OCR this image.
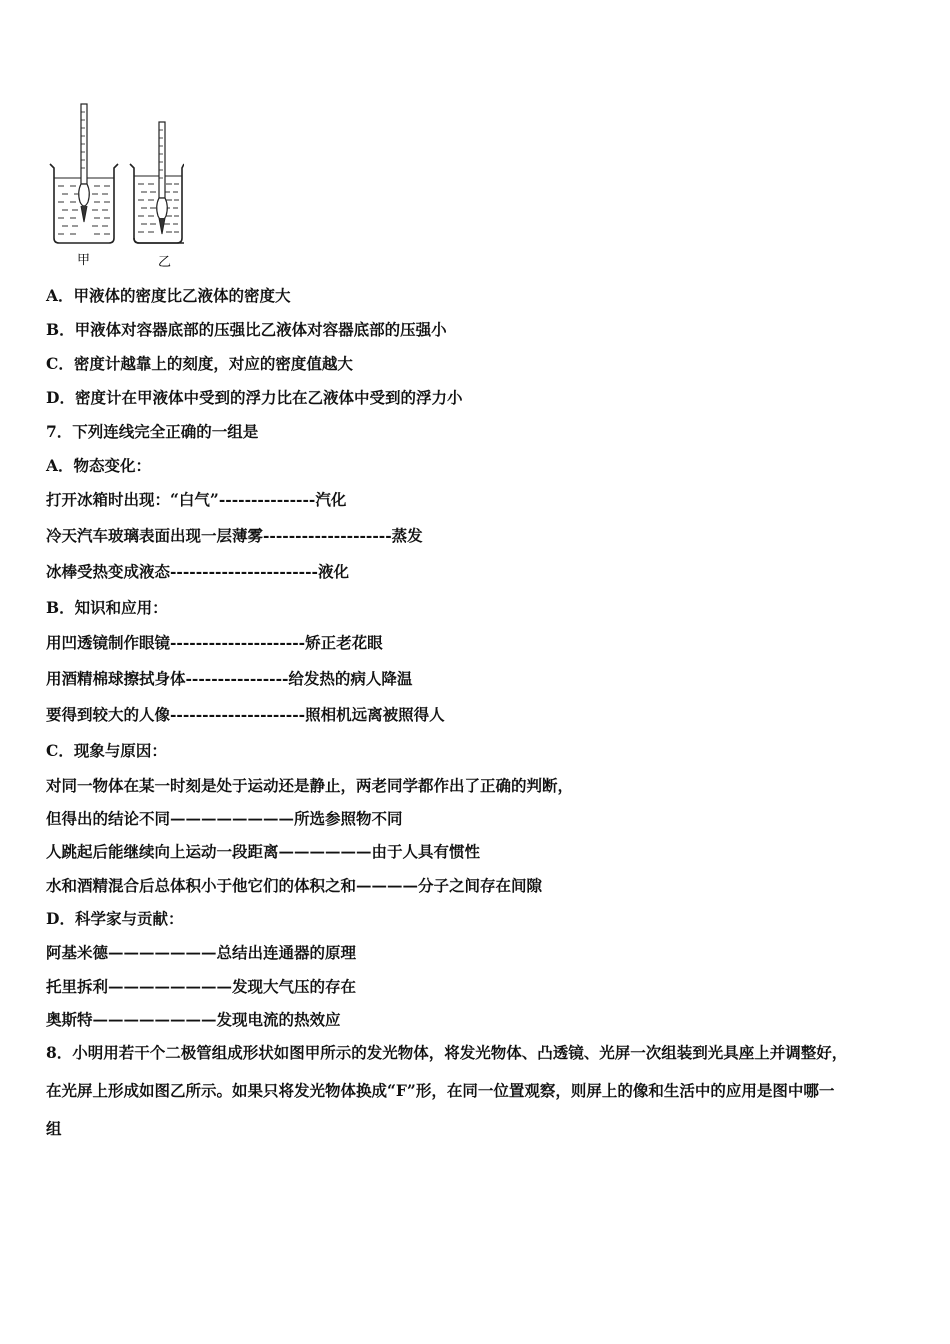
甲	乙
A．甲液体的密度比乙液体的密度大
B．甲液体对容器底部的压强比乙液体对容器底部的压强小
C．密度计越靠上的刻度，对应的密度值越大
D．密度计在甲液体中受到的浮力比在乙液体中受到的浮力小
7．下列连线完全正确的一组是
A．物态变化：
打开冰箱时出现：“白气”---------------汽化
冷天汽车玻璃表面出现一层薄雾--------------------蒸发
冰棒受热变成液态-----------------------液化
B．知识和应用：
用凹透镜制作眼镜---------------------矫正老花眼
用酒精棉球擦拭身体----------------给发热的病人降温
要得到较大的人像---------------------照相机远离被照得人
C．现象与原因：
对同一物体在某一时刻是处于运动还是静止，两老同学都作出了正确的判断，
但得出的结论不同————————所选参照物不同
人跳起后能继续向上运动一段距离——————由于人具有惯性
水和酒精混合后总体积小于他它们的体积之和————分子之间存在间隙
D．科学家与贡献：
阿基米德———————总结出连通器的原理
托里拆利————————发现大气压的存在
奥斯特————————发现电流的热效应
8．小明用若干个二极管组成形状如图甲所示的发光物体，将发光物体、凸透镜、光屏一次组装到光具座上并调整好，
在光屏上形成如图乙所示。如果只将发光物体换成“F”形，在同一位置观察，则屏上的像和生活中的应用是图中哪一
组
